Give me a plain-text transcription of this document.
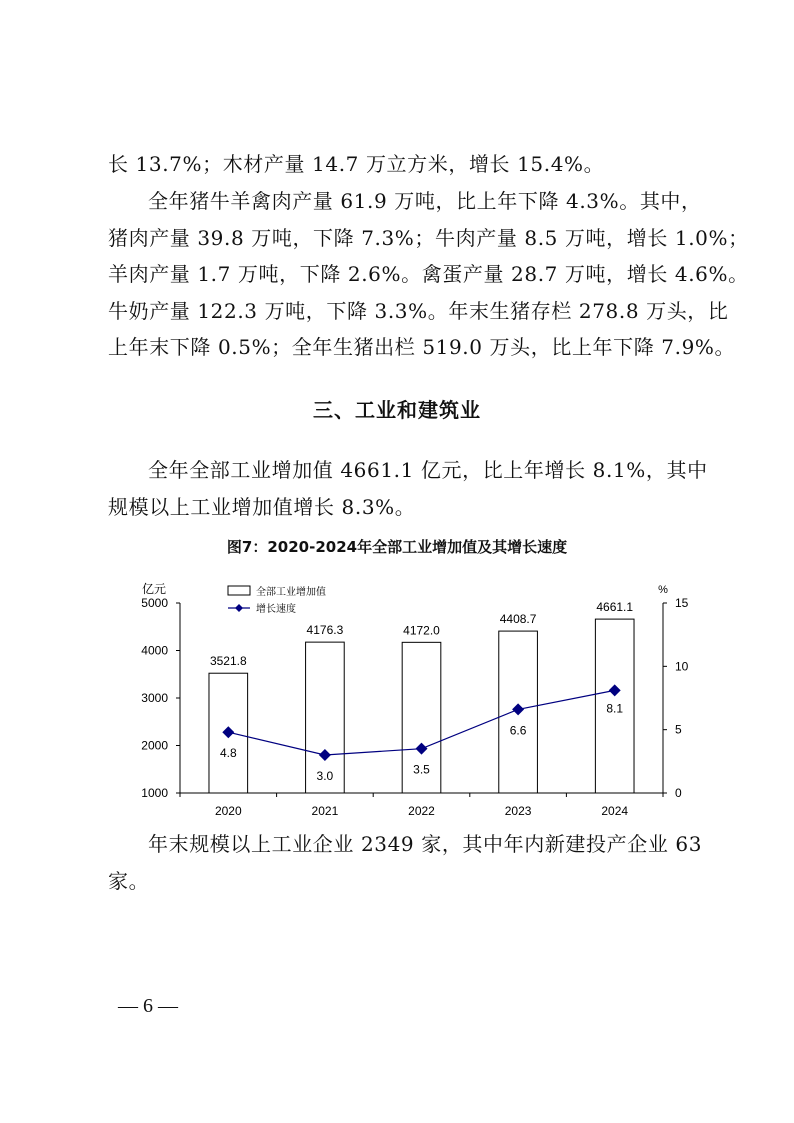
长 13.7%；木材产量 14.7 万立方米，增长 15.4%。
全年猪牛羊禽肉产量 61.9 万吨，比上年下降 4.3%。其中，
猪肉产量 39.8 万吨，下降 7.3%；牛肉产量 8.5 万吨，增长 1.0%；
羊肉产量 1.7 万吨，下降 2.6%。禽蛋产量 28.7 万吨，增长 4.6%。
牛奶产量 122.3 万吨，下降 3.3%。年末生猪存栏 278.8 万头，比
上年末下降 0.5%；全年生猪出栏 519.0 万头，比上年下降 7.9%。
三、工业和建筑业
全年全部工业增加值 4661.1 亿元，比上年增长 8.1%，其中
规模以上工业增加值增长 8.3%。
图7：2020-2024年全部工业增加值及其增长速度
5000
4000
3000
2000
1000
15
10
5
0
亿元	%
2020	2021	2022	2023	2024
3521.8
4176.3	4172.0
4408.7
4661.1
4.8
3.0	3.5
6.6
8.1
全部工业增加值
增长速度
年末规模以上工业企业 2349 家，其中年内新建投产企业 63
家。
— 6 —
